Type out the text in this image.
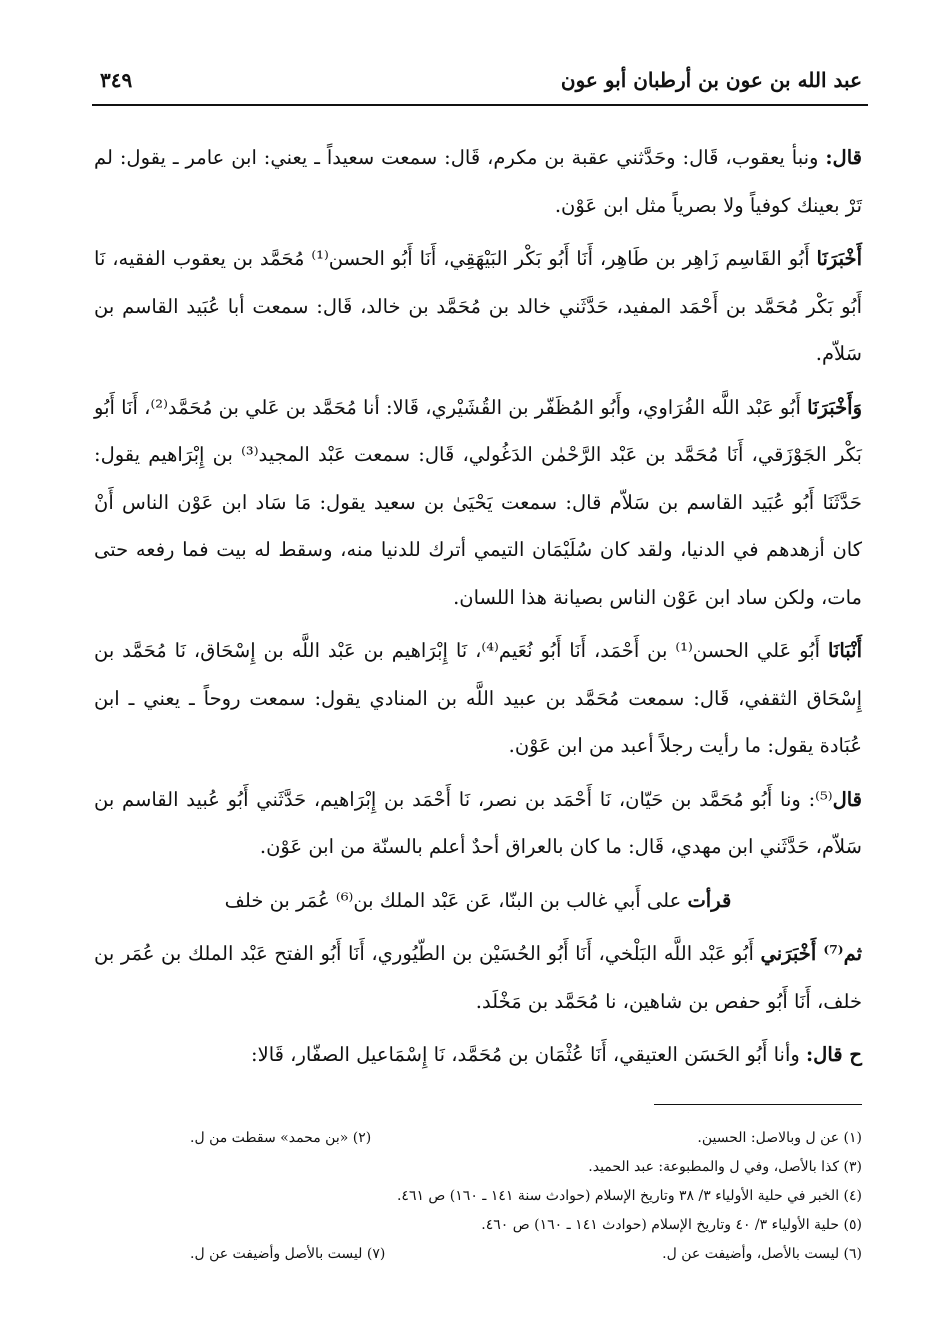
عبد الله بن عون بن أرطبان أبو عون
٣٤٩

قال: ونبأ يعقوب، قَال: وحَدَّثني عقبة بن مكرم، قَال: سمعت سعيداً ـ يعني: ابن عامر ـ يقول: لم تَرْ بعينك كوفياً ولا بصرياً مثل ابن عَوْن.

أَخْبَرَنَا أَبُو القَاسِم زَاهِر بن طَاهِر، أَنَا أَبُو بَكْر البَيْهَقِي، أَنَا أَبُو الحسن⁽¹⁾ مُحَمَّد بن يعقوب الفقيه، نَا أَبُو بَكْر مُحَمَّد بن أَحْمَد المفيد، حَدَّثَني خالد بن مُحَمَّد بن خالد، قَال: سمعت أبا عُبَيد القاسم بن سَلاّم.

وَأَخْبَرَنَا أَبُو عَبْد اللَّه الفُرَاوي، وأَبُو المُظَفّر بن القُشَيْري، قَالا: أنا مُحَمَّد بن عَلي بن مُحَمَّد⁽²⁾، أَنَا أَبُو بَكْر الجَوْزَقي، أَنَا مُحَمَّد بن عَبْد الرَّحْمٰن الدَغُولي، قَال: سمعت عَبْد المجيد⁽³⁾ بن إِبْرَاهيم يقول: حَدَّثَنَا أَبُو عُبَيد القاسم بن سَلاّم قال: سمعت يَحْيَىٰ بن سعيد يقول: مَا سَاد ابن عَوْن الناس أَنْ كان أزهدهم في الدنيا، ولقد كان سُلَيْمَان التيمي أترك للدنيا منه، وسقط له بيت فما رفعه حتى مات، ولكن ساد ابن عَوْن الناس بصيانة هذا اللسان.

أَنْبَانَا أَبُو عَلي الحسن⁽¹⁾ بن أَحْمَد، أَنَا أَبُو نُعَيم⁽⁴⁾، نَا إِبْرَاهيم بن عَبْد اللَّه بن إِسْحَاق، نَا مُحَمَّد بن إِسْحَاق الثقفي، قَال: سمعت مُحَمَّد بن عبيد اللَّه بن المنادي يقول: سمعت روحاً ـ يعني ـ ابن عُبَادة يقول: ما رأيت رجلاً أعبد من ابن عَوْن.

قال⁽⁵⁾: ونا أَبُو مُحَمَّد بن حَيّان، نَا أَحْمَد بن نصر، نَا أَحْمَد بن إِبْرَاهيم، حَدَّثَني أَبُو عُبيد القاسم بن سَلاّم، حَدَّثَني ابن مهدي، قَال: ما كان بالعراق أحدٌ أعلم بالسنّة من ابن عَوْن.

قرأت على أَبي غالب بن البنّا، عَن عَبْد الملك بن⁽⁶⁾ عُمَر بن خلف

ثم⁽⁷⁾ أَخْبَرَني أَبُو عَبْد اللَّه البَلْخي، أَنَا أَبُو الحُسَيْن بن الطّيُوري، أَنَا أَبُو الفتح عَبْد الملك بن عُمَر بن خلف، أَنَا أَبُو حفص بن شاهين، نا مُحَمَّد بن مَخْلَد.

ح قال: وأنا أَبُو الحَسَن العتيقي، أَنَا عُثْمَان بن مُحَمَّد، نَا إِسْمَاعيل الصفّار، قَالا:

(١) عن ل وبالاصل: الحسين.
(٢) «بن محمد» سقطت من ل.
(٣) كذا بالأصل، وفي ل والمطبوعة: عبد الحميد.
(٤) الخبر في حلية الأولياء ٣/ ٣٨ وتاريخ الإسلام (حوادث سنة ١٤١ ـ ١٦٠) ص ٤٦١.
(٥) حلية الأولياء ٣/ ٤٠ وتاريخ الإسلام (حوادث ١٤١ ـ ١٦٠) ص ٤٦٠.
(٦) ليست بالأصل، وأضيفت عن ل.
(٧) ليست بالأصل وأضيفت عن ل.
